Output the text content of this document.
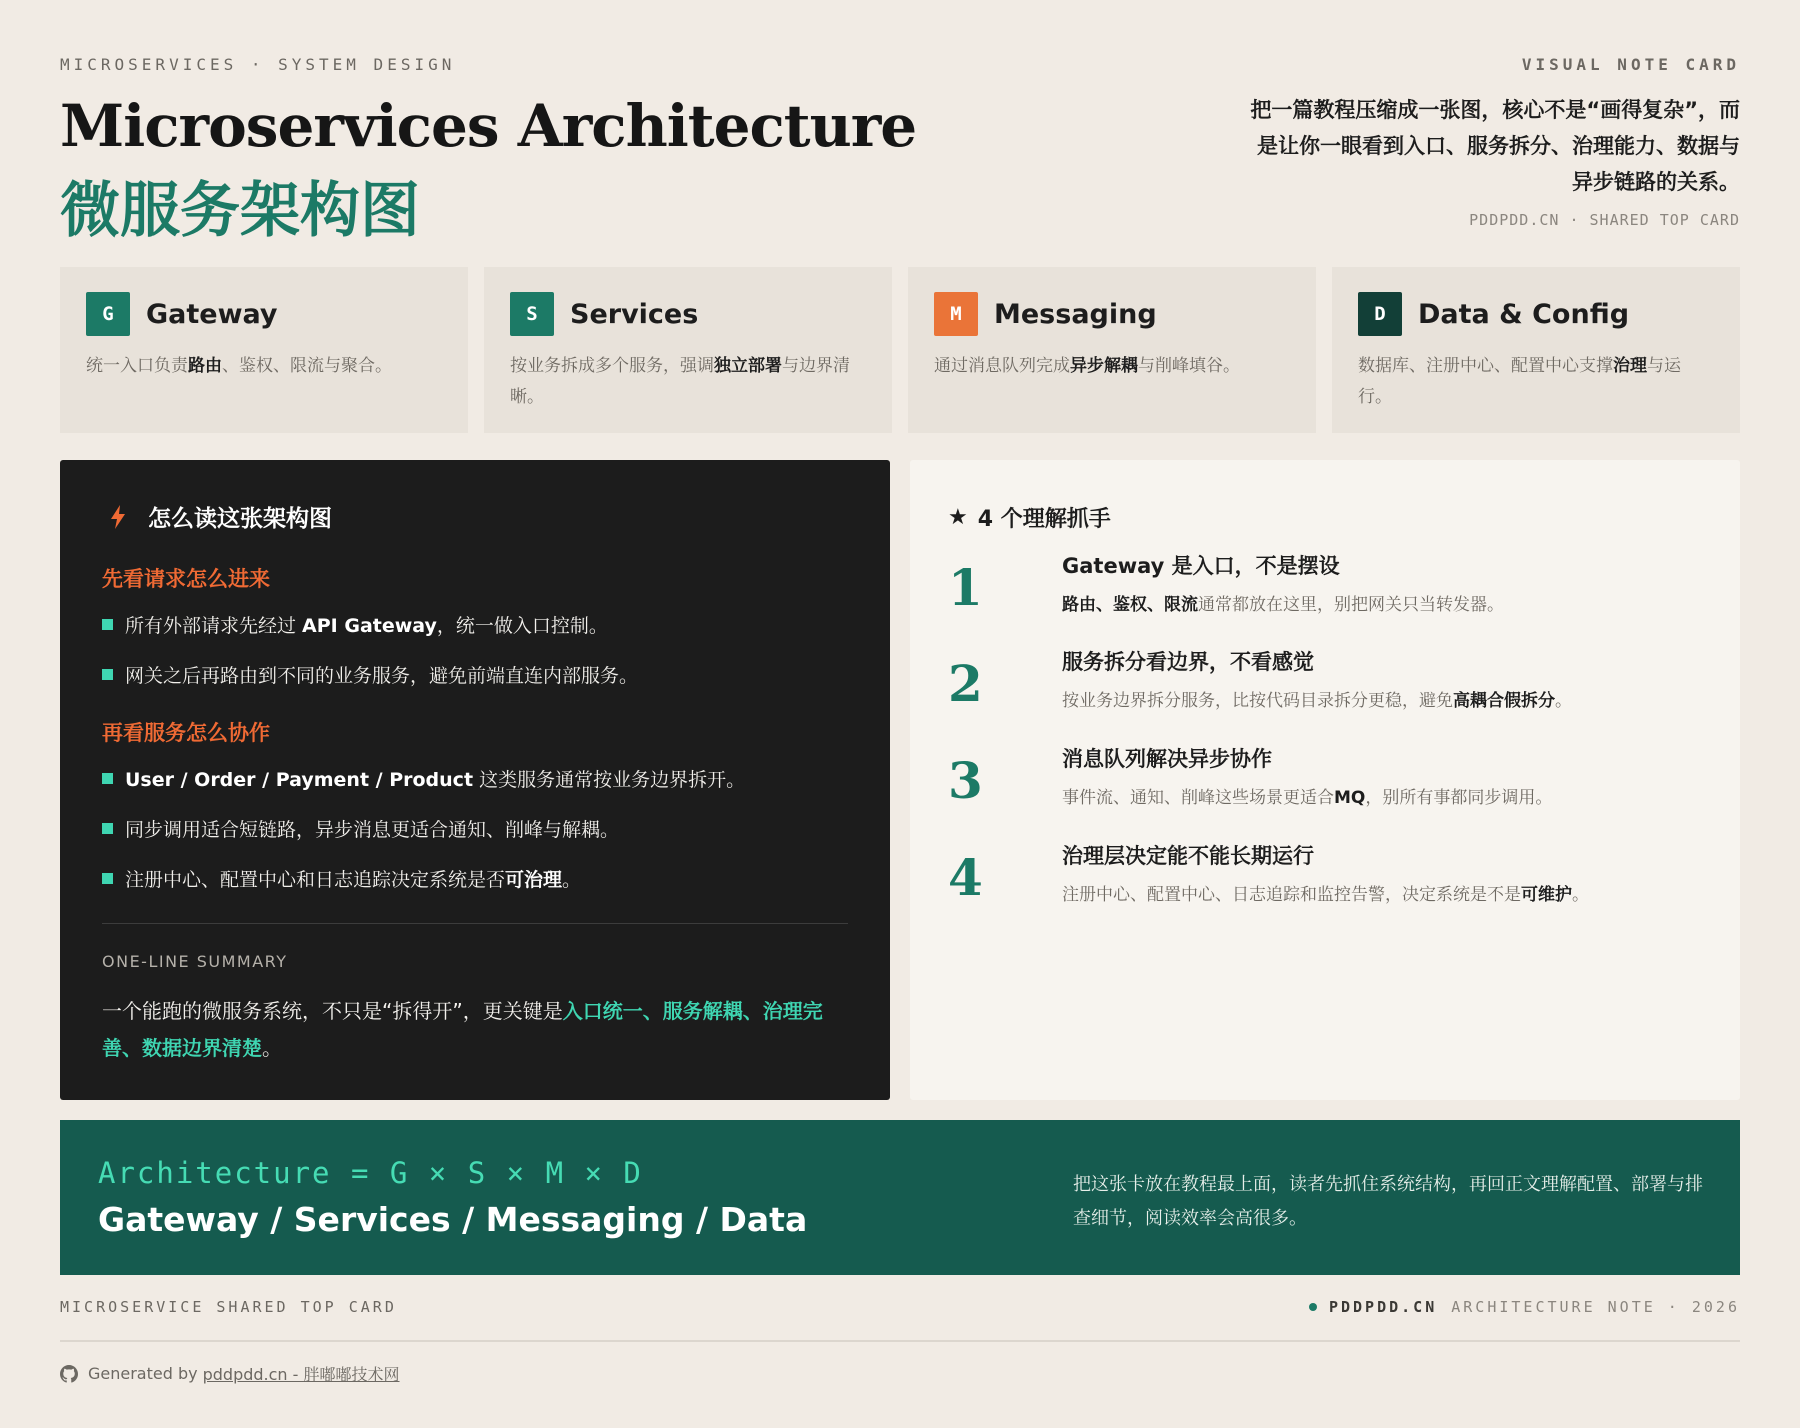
MICROSERVICES · SYSTEM DESIGN	VISUAL NOTE CARD
Microservices Architecture
微服务架构图
把一篇教程压缩成一张图，核心不是“画得复杂”，而是让你一眼看到入口、服务拆分、治理能力、数据与异步链路的关系。
PDDPDD.CN · SHARED TOP CARD
G	Gateway
统一入口负责路由、鉴权、限流与聚合。
S	Services
按业务拆成多个服务，强调独立部署与边界清晰。
M	Messaging
通过消息队列完成异步解耦与削峰填谷。
D	Data & Config
数据库、注册中心、配置中心支撑治理与运行。
怎么读这张架构图
先看请求怎么进来
所有外部请求先经过 API Gateway，统一做入口控制。
网关之后再路由到不同的业务服务，避免前端直连内部服务。
再看服务怎么协作
User / Order / Payment / Product 这类服务通常按业务边界拆开。
同步调用适合短链路，异步消息更适合通知、削峰与解耦。
注册中心、配置中心和日志追踪决定系统是否可治理。
ONE-LINE SUMMARY
一个能跑的微服务系统，不只是“拆得开”，更关键是入口统一、服务解耦、治理完善、数据边界清楚。
★ 4 个理解抓手
1	Gateway 是入口，不是摆设
路由、鉴权、限流通常都放在这里，别把网关只当转发器。
2	服务拆分看边界，不看感觉
按业务边界拆分服务，比按代码目录拆分更稳，避免高耦合假拆分。
3	消息队列解决异步协作
事件流、通知、削峰这些场景更适合MQ，别所有事都同步调用。
4	治理层决定能不能长期运行
注册中心、配置中心、日志追踪和监控告警，决定系统是不是可维护。
Architecture = G × S × M × D
Gateway / Services / Messaging / Data
把这张卡放在教程最上面，读者先抓住系统结构，再回正文理解配置、部署与排查细节，阅读效率会高很多。
MICROSERVICE SHARED TOP CARD	PDDPDD.CN ARCHITECTURE NOTE · 2026
Generated by pddpdd.cn - 胖嘟嘟技术网
